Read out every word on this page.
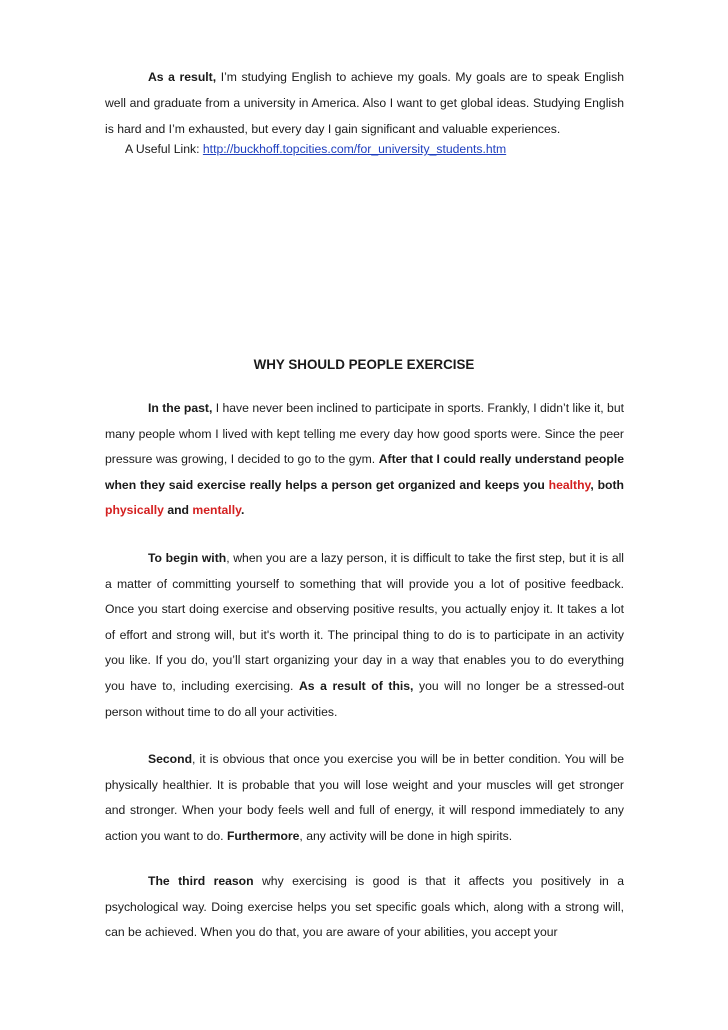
As a result, I’m studying English to achieve my goals. My goals are to speak English well and graduate from a university in America. Also I want to get global ideas. Studying English is hard and I’m exhausted, but every day I gain significant and valuable experiences.

A Useful Link: http://buckhoff.topcities.com/for_university_students.htm
WHY SHOULD PEOPLE EXERCISE

In the past, I have never been inclined to participate in sports. Frankly, I didn’t like it, but many people whom I lived with kept telling me every day how good sports were. Since the peer pressure was growing, I decided to go to the gym. After that I could really understand people when they said exercise really helps a person get organized and keeps you healthy, both physically and mentally.

To begin with, when you are a lazy person, it is difficult to take the first step, but it is all a matter of committing yourself to something that will provide you a lot of positive feedback. Once you start doing exercise and observing positive results, you actually enjoy it. It takes a lot of effort and strong will, but it's worth it. The principal thing to do is to participate in an activity you like. If you do, you’ll start organizing your day in a way that enables you to do everything you have to, including exercising. As a result of this, you will no longer be a stressed-out person without time to do all your activities.

Second, it is obvious that once you exercise you will be in better condition. You will be physically healthier. It is probable that you will lose weight and your muscles will get stronger and stronger. When your body feels well and full of energy, it will respond immediately to any action you want to do. Furthermore, any activity will be done in high spirits.

The third reason why exercising is good is that it affects you positively in a psychological way. Doing exercise helps you set specific goals which, along with a strong will, can be achieved. When you do that, you are aware of your abilities, you accept your
